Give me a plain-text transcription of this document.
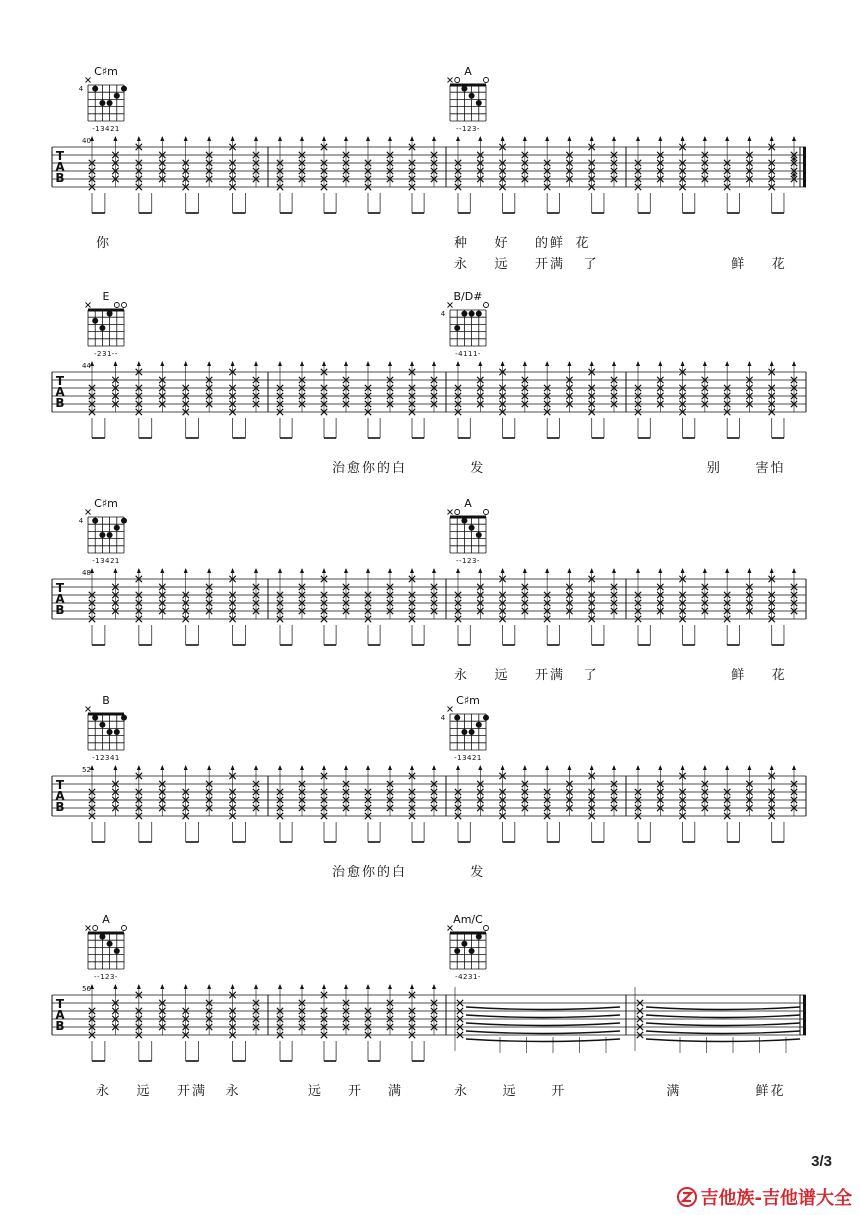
T
A
B
40
你	种 好 的鲜 花
永 远 开满 了	鲜 花
C♯m
4
-13421
A
--123-
T
A
B
44
治愈你的白	发	别	害怕
E
-231--
B/D#
4
-4111-
T
A
B
48
永 远 开满 了	鲜 花
C♯m
4
-13421
A
--123-
T
A
B
52
治愈你的白	发
B
-12341
C♯m
4
-13421
T
A
B
56
永 远 开满 永	远 开 满	永	远	开	满	鲜花
A
--123-
Am/C
-4231-
3/3
吉他族-吉他谱大全
